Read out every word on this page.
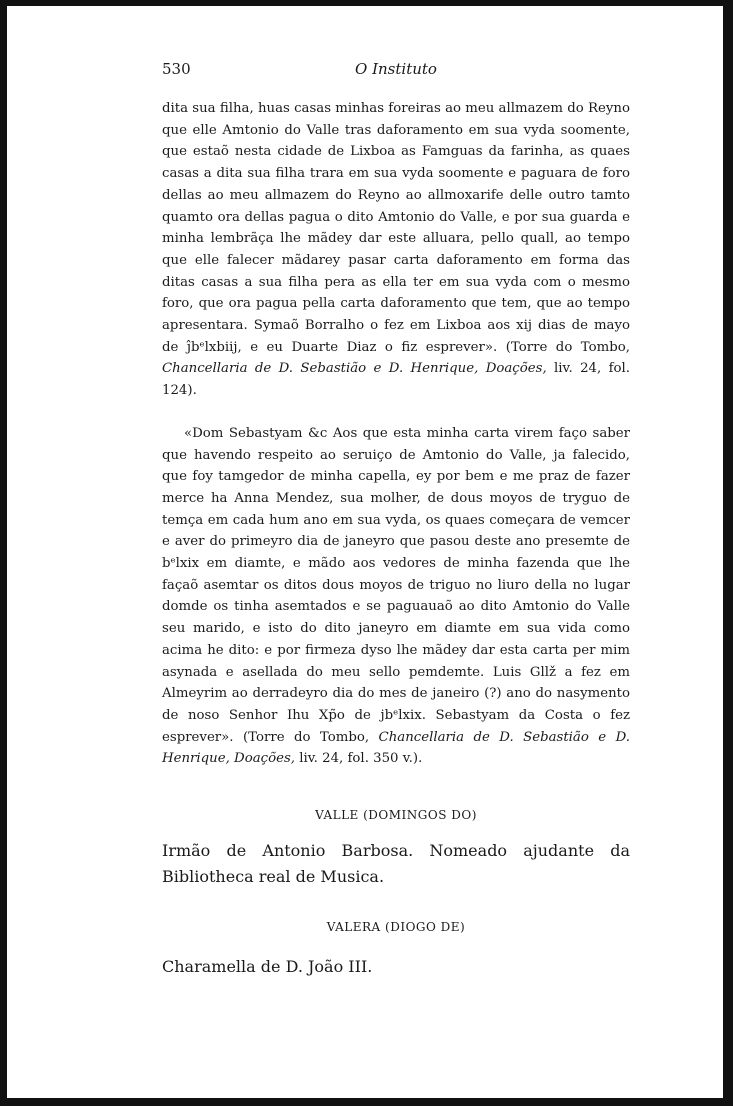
530	O Instituto

dita sua filha, huas casas minhas foreiras ao meu allmazem do Reyno que elle Amtonio do Valle tras daforamento em sua vyda soomente, que estaõ nesta cidade de Lixboa as Famguas da farinha, as quaes casas a dita sua filha trara em sua vyda soomente e paguara de foro dellas ao meu allmazem do Reyno ao allmoxarife delle outro tamto quamto ora dellas pagua o dito Amtonio do Valle, e por sua guarda e minha lembrãça lhe mãdey dar este alluara, pello quall, ao tempo que elle falecer mãdarey pasar carta daforamento em forma das ditas casas a sua filha pera as ella ter em sua vyda com o mesmo foro, que ora pagua pella carta daforamento que tem, que ao tempo apresentara. Symaõ Borralho o fez em Lixboa aos xij dias de mayo de ĵbᵉlxbiij, e eu Duarte Diaz o fiz esprever». (Torre do Tombo, Chancellaria de D. Sebastião e D. Henrique, Doações, liv. 24, fol. 124).

«Dom Sebastyam &c Aos que esta minha carta virem faço saber que havendo respeito ao seruiço de Amtonio do Valle, ja falecido, que foy tamgedor de minha capella, ey por bem e me praz de fazer merce ha Anna Mendez, sua molher, de dous moyos de tryguo de temça em cada hum ano em sua vyda, os quaes começara de vemcer e aver do primeyro dia de janeyro que pasou deste ano presemte de bᵉlxix em diamte, e mãdo aos vedores de minha fazenda que lhe façaõ asemtar os ditos dous moyos de triguo no liuro della no lugar domde os tinha asemtados e se paguauaõ ao dito Amtonio do Valle seu marido, e isto do dito janeyro em diamte em sua vida como acima he dito: e por firmeza dyso lhe mãdey dar esta carta per mim asynada e asellada do meu sello pemdemte. Luis Gllž a fez em Almeyrim ao derradeyro dia do mes de janeiro (?) ano do nasymento de noso Senhor Ihu Xp̃o de jbᵉlxix. Sebastyam da Costa o fez esprever». (Torre do Tombo, Chancellaria de D. Sebastião e D. Henrique, Doações, liv. 24, fol. 350 v.).

VALLE (DOMINGOS DO)

Irmão de Antonio Barbosa. Nomeado ajudante da Bibliotheca real de Musica.

VALERA (DIOGO DE)

Charamella de D. João III.
